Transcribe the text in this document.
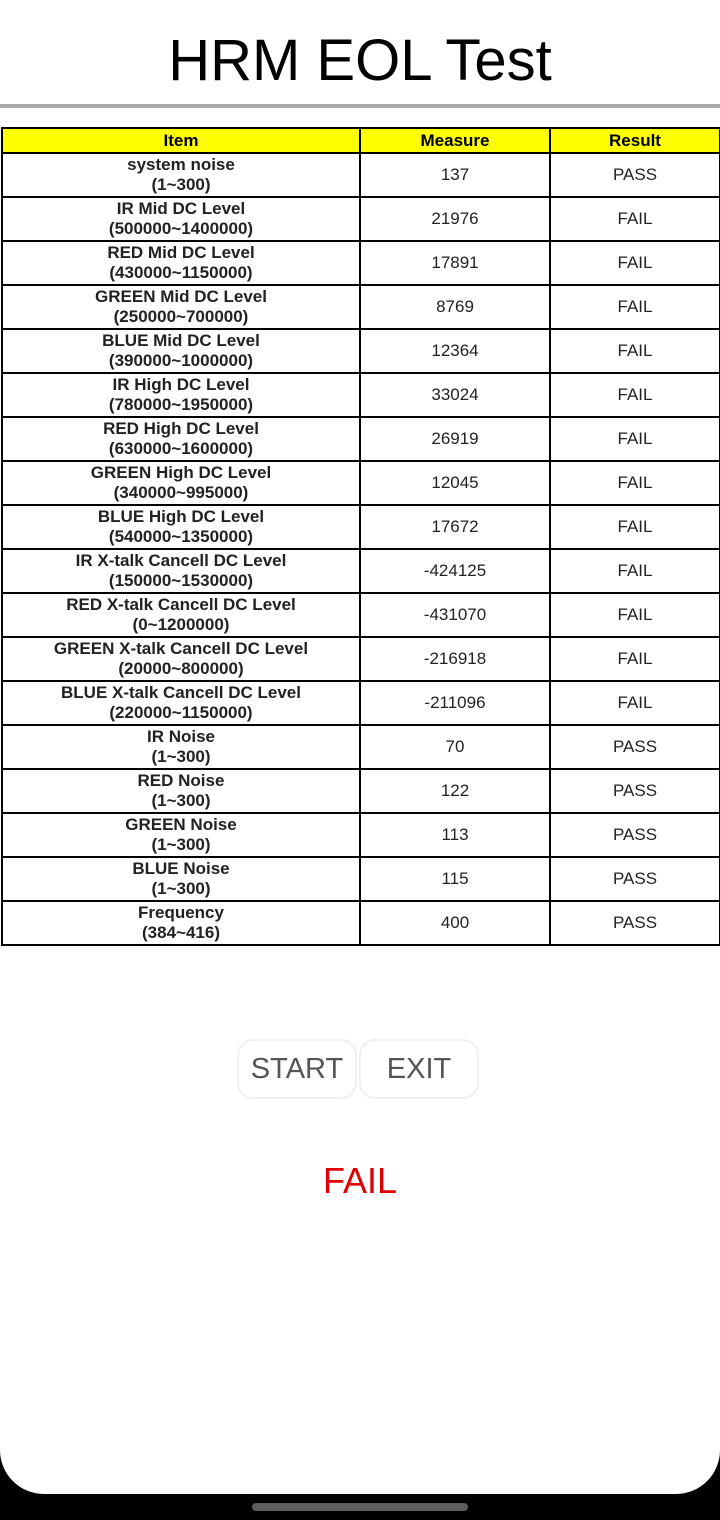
HRM EOL Test
Item	Measure	Result

system noise
(1~300)	137	PASS

IR Mid DC Level
(500000~1400000)	21976	FAIL

RED Mid DC Level
(430000~1150000)	17891	FAIL

GREEN Mid DC Level
(250000~700000)	8769	FAIL

BLUE Mid DC Level
(390000~1000000)	12364	FAIL

IR High DC Level
(780000~1950000)	33024	FAIL

RED High DC Level
(630000~1600000)	26919	FAIL

GREEN High DC Level
(340000~995000)	12045	FAIL

BLUE High DC Level
(540000~1350000)	17672	FAIL

IR X-talk Cancell DC Level
(150000~1530000)	-424125	FAIL

RED X-talk Cancell DC Level
(0~1200000)	-431070	FAIL

GREEN X-talk Cancell DC Level
(20000~800000)	-216918	FAIL

BLUE X-talk Cancell DC Level
(220000~1150000)	-211096	FAIL

IR Noise
(1~300)	70	PASS

RED Noise
(1~300)	122	PASS

GREEN Noise
(1~300)	113	PASS

BLUE Noise
(1~300)	115	PASS

Frequency
(384~416)	400	PASS
START	EXIT
FAIL
